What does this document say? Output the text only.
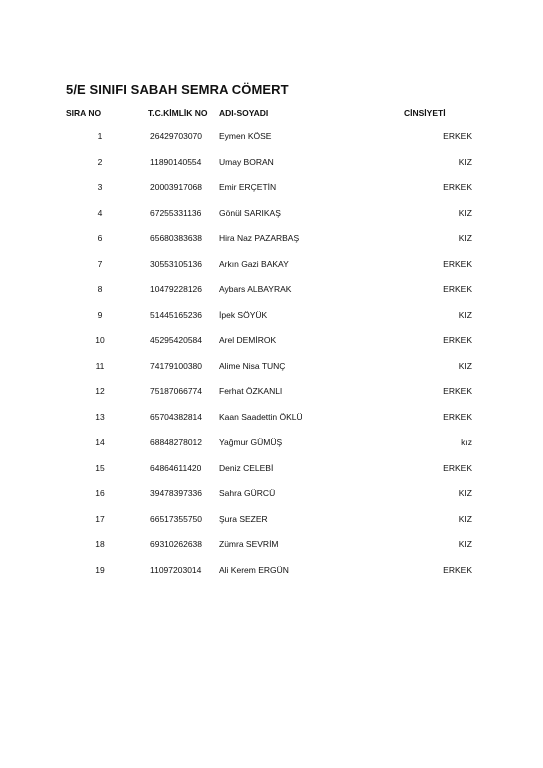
5/E SINIFI SABAH SEMRA CÖMERT
SIRA NO	T.C.KİMLİK NO ADI-SOYADI	CİNSİYETİ
1	26429703070 Eymen KÖSE	ERKEK
2	11890140554 Umay BORAN	KIZ
3	20003917068 Emir ERÇETİN	ERKEK
4	67255331136 Gönül SARIKAŞ	KIZ
6	65680383638 Hira Naz PAZARBAŞ	KIZ
7	30553105136 Arkın Gazi BAKAY	ERKEK
8	10479228126 Aybars ALBAYRAK	ERKEK
9	51445165236 İpek SÖYÜK	KIZ
10	45295420584 Arel DEMİROK	ERKEK
11	74179100380 Alime Nisa TUNÇ	KIZ
12	75187066774 Ferhat ÖZKANLI	ERKEK
13	65704382814 Kaan Saadettin ÖKLÜ	ERKEK
14	68848278012 Yağmur GÜMÜŞ	kız
15	64864611420 Deniz CELEBİ	ERKEK
16	39478397336 Sahra GÜRCÜ	KIZ
17	66517355750 Şura SEZER	KIZ
18	69310262638 Zümra SEVRİM	KIZ
19	11097203014 Ali Kerem ERGÜN	ERKEK
